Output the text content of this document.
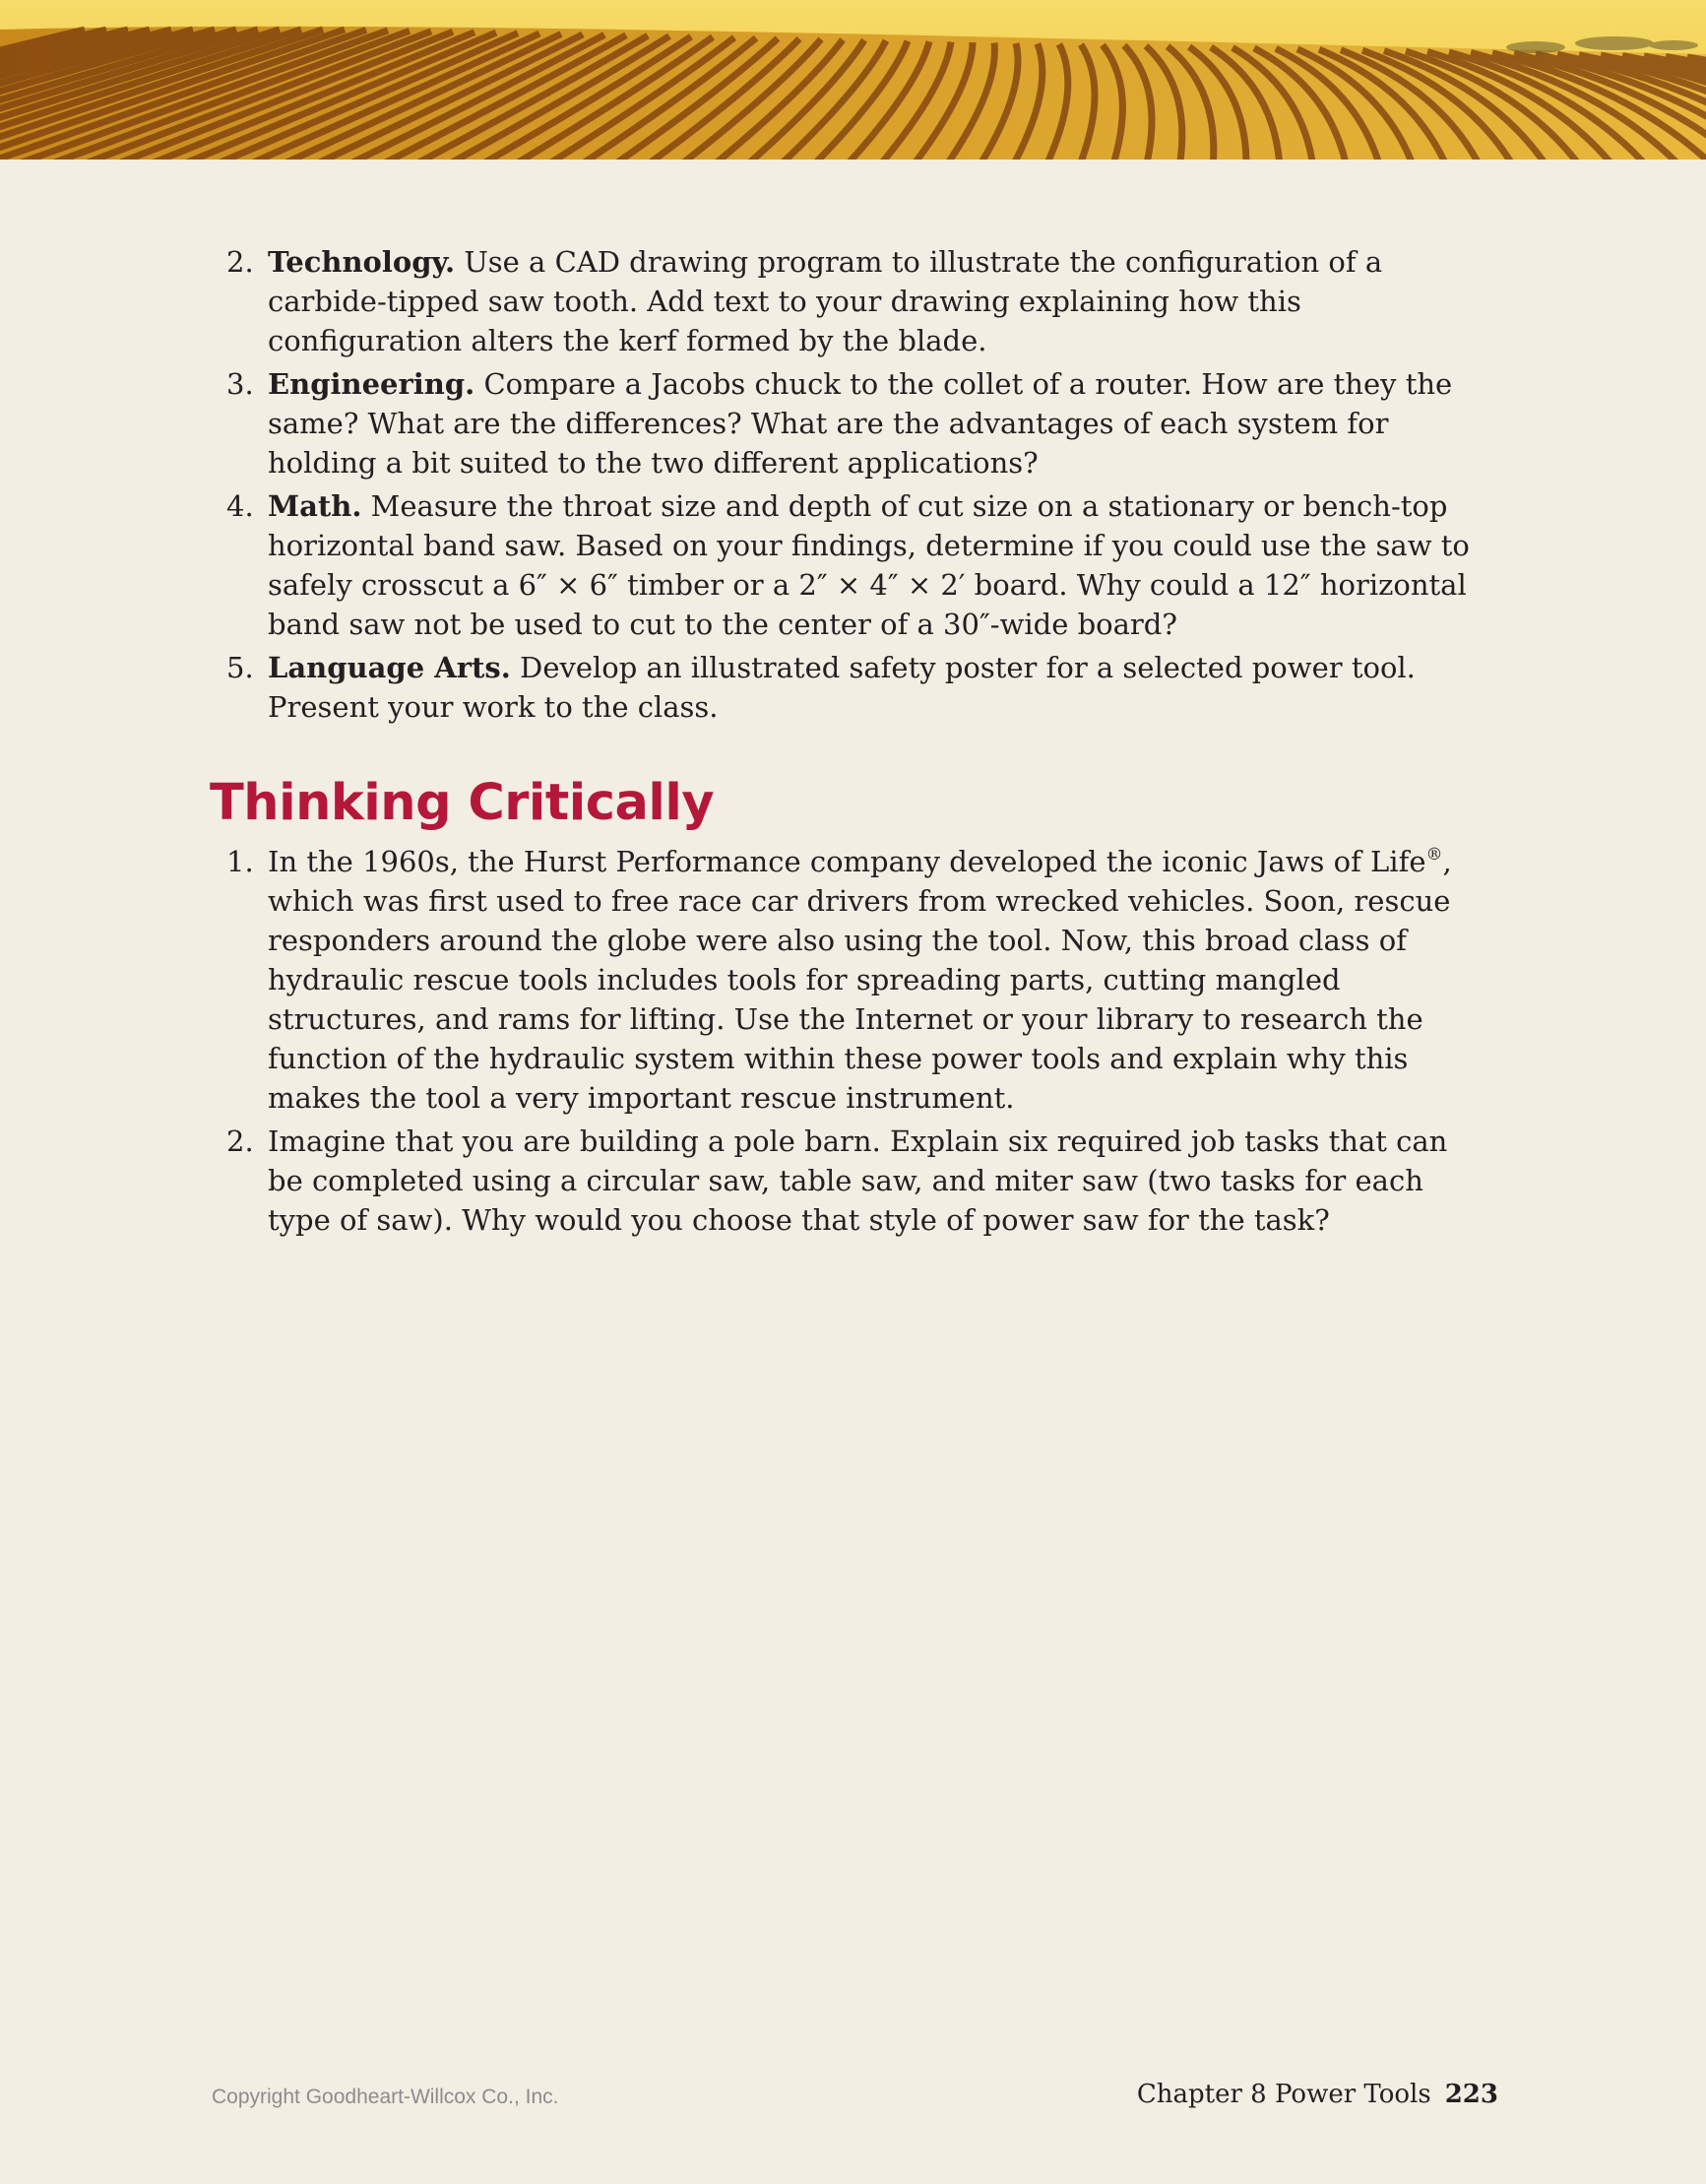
2. Technology. Use a CAD drawing program to illustrate the configuration of a carbide-tipped saw tooth. Add text to your drawing explaining how this configuration alters the kerf formed by the blade.
3. Engineering. Compare a Jacobs chuck to the collet of a router. How are they the same? What are the differences? What are the advantages of each system for holding a bit suited to the two different applications?
4. Math. Measure the throat size and depth of cut size on a stationary or bench-top horizontal band saw. Based on your findings, determine if you could use the saw to safely crosscut a 6″ × 6″ timber or a 2″ × 4″ × 2′ board. Why could a 12″ horizontal band saw not be used to cut to the center of a 30″-wide board?
5. Language Arts. Develop an illustrated safety poster for a selected power tool. Present your work to the class.
Thinking Critically
1. In the 1960s, the Hurst Performance company developed the iconic Jaws of Life®, which was first used to free race car drivers from wrecked vehicles. Soon, rescue responders around the globe were also using the tool. Now, this broad class of hydraulic rescue tools includes tools for spreading parts, cutting mangled structures, and rams for lifting. Use the Internet or your library to research the function of the hydraulic system within these power tools and explain why this makes the tool a very important rescue instrument.
2. Imagine that you are building a pole barn. Explain six required job tasks that can be completed using a circular saw, table saw, and miter saw (two tasks for each type of saw). Why would you choose that style of power saw for the task?
Copyright Goodheart-Willcox Co., Inc.	Chapter 8 Power Tools 223
